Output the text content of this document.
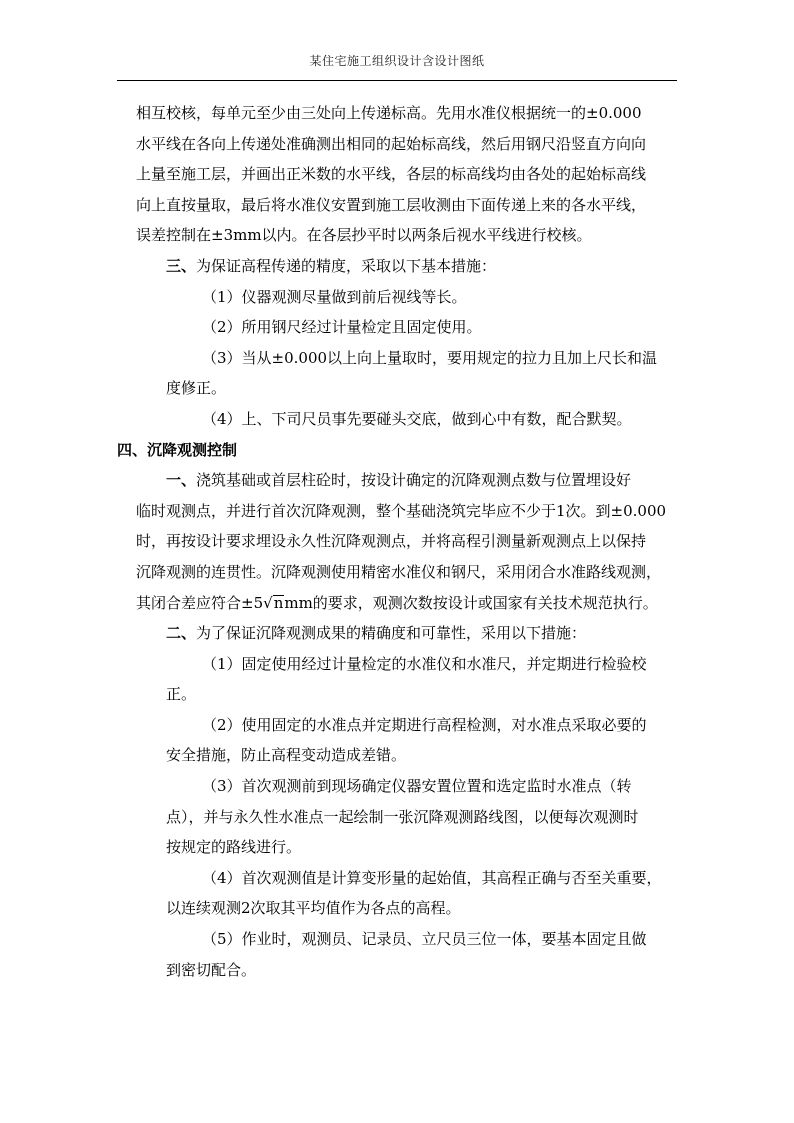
某住宅施工组织设计含设计图纸
相互校核，每单元至少由三处向上传递标高。先用水准仪根据统一的±0.000
水平线在各向上传递处准确测出相同的起始标高线，然后用钢尺沿竖直方向向
上量至施工层，并画出正米数的水平线，各层的标高线均由各处的起始标高线
向上直按量取，最后将水准仪安置到施工层收测由下面传递上来的各水平线，
误差控制在±3mm以内。在各层抄平时以两条后视水平线进行校核。
三、为保证高程传递的精度，采取以下基本措施：
（1）仪器观测尽量做到前后视线等长。
（2）所用钢尺经过计量检定且固定使用。
（3）当从±0.000以上向上量取时，要用规定的拉力且加上尺长和温
度修正。
（4）上、下司尺员事先要碰头交底，做到心中有数，配合默契。
四、沉降观测控制
一、浇筑基础或首层柱砼时，按设计确定的沉降观测点数与位置埋设好
临时观测点，并进行首次沉降观测，整个基础浇筑完毕应不少于1次。到±0.000
时，再按设计要求埋设永久性沉降观测点，并将高程引测量新观测点上以保持
沉降观测的连贯性。沉降观测使用精密水准仪和钢尺，采用闭合水准路线观测，
其闭合差应符合±5√nmm的要求，观测次数按设计或国家有关技术规范执行。
二、为了保证沉降观测成果的精确度和可靠性，采用以下措施：
（1）固定使用经过计量检定的水准仪和水准尺，并定期进行检验校
正。
（2）使用固定的水准点并定期进行高程检测，对水准点采取必要的
安全措施，防止高程变动造成差错。
（3）首次观测前到现场确定仪器安置位置和选定监时水准点（转
点），并与永久性水准点一起绘制一张沉降观测路线图，以便每次观测时
按规定的路线进行。
（4）首次观测值是计算变形量的起始值，其高程正确与否至关重要，
以连续观测2次取其平均值作为各点的高程。
（5）作业时，观测员、记录员、立尺员三位一体，要基本固定且做
到密切配合。
